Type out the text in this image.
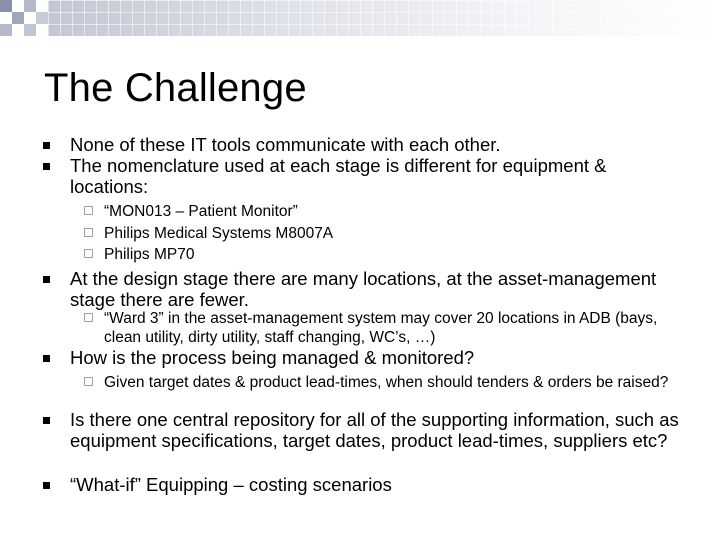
The Challenge

None of these IT tools communicate with each other.

The nomenclature used at each stage is different for equipment & locations:

“MON013 – Patient Monitor”

Philips Medical Systems M8007A

Philips MP70

At the design stage there are many locations, at the asset-management stage there are fewer.

“Ward 3” in the asset-management system may cover 20 locations in ADB (bays, clean utility, dirty utility, staff changing, WC’s, …)

How is the process being managed & monitored?

Given target dates & product lead-times, when should tenders & orders be raised?

Is there one central repository for all of the supporting information, such as equipment specifications, target dates, product lead-times, suppliers etc?

“What-if” Equipping – costing scenarios
